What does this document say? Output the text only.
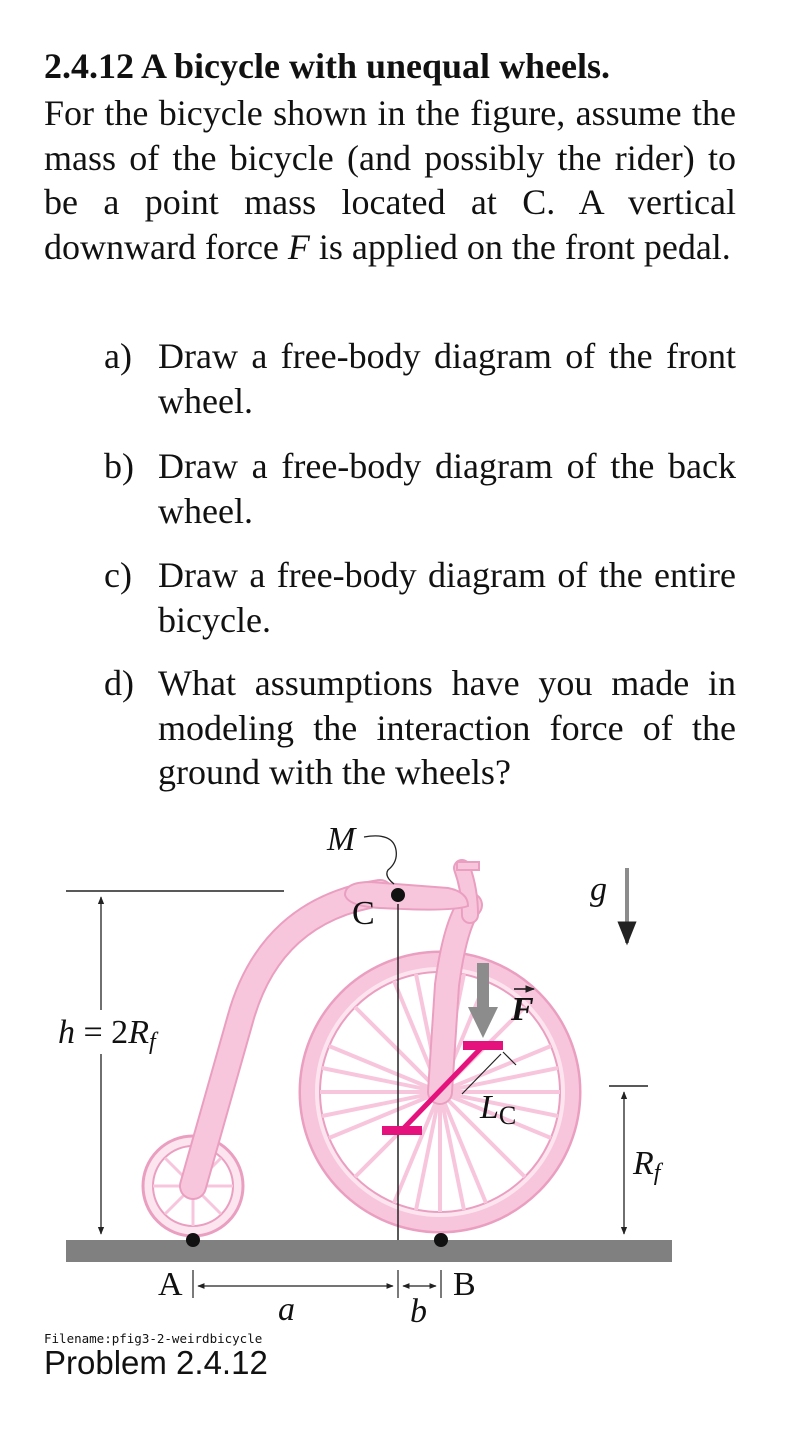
2.4.12 A bicycle with unequal wheels.
For the bicycle shown in the figure, assume the mass of the bicycle (and possibly the rider) to be a point mass located at C. A vertical downward force F is applied on the front pedal.
a) Draw a free-body diagram of the front wheel.
b) Draw a free-body diagram of the back wheel.
c) Draw a free-body diagram of the entire bicycle.
d) What assumptions have you made in modeling the interaction force of the ground with the wheels?
M
C
g
F
h = 2Rf
LC
Rf
A	B
a	b
Filename:pfig3-2-weirdbicycle
Problem 2.4.12
